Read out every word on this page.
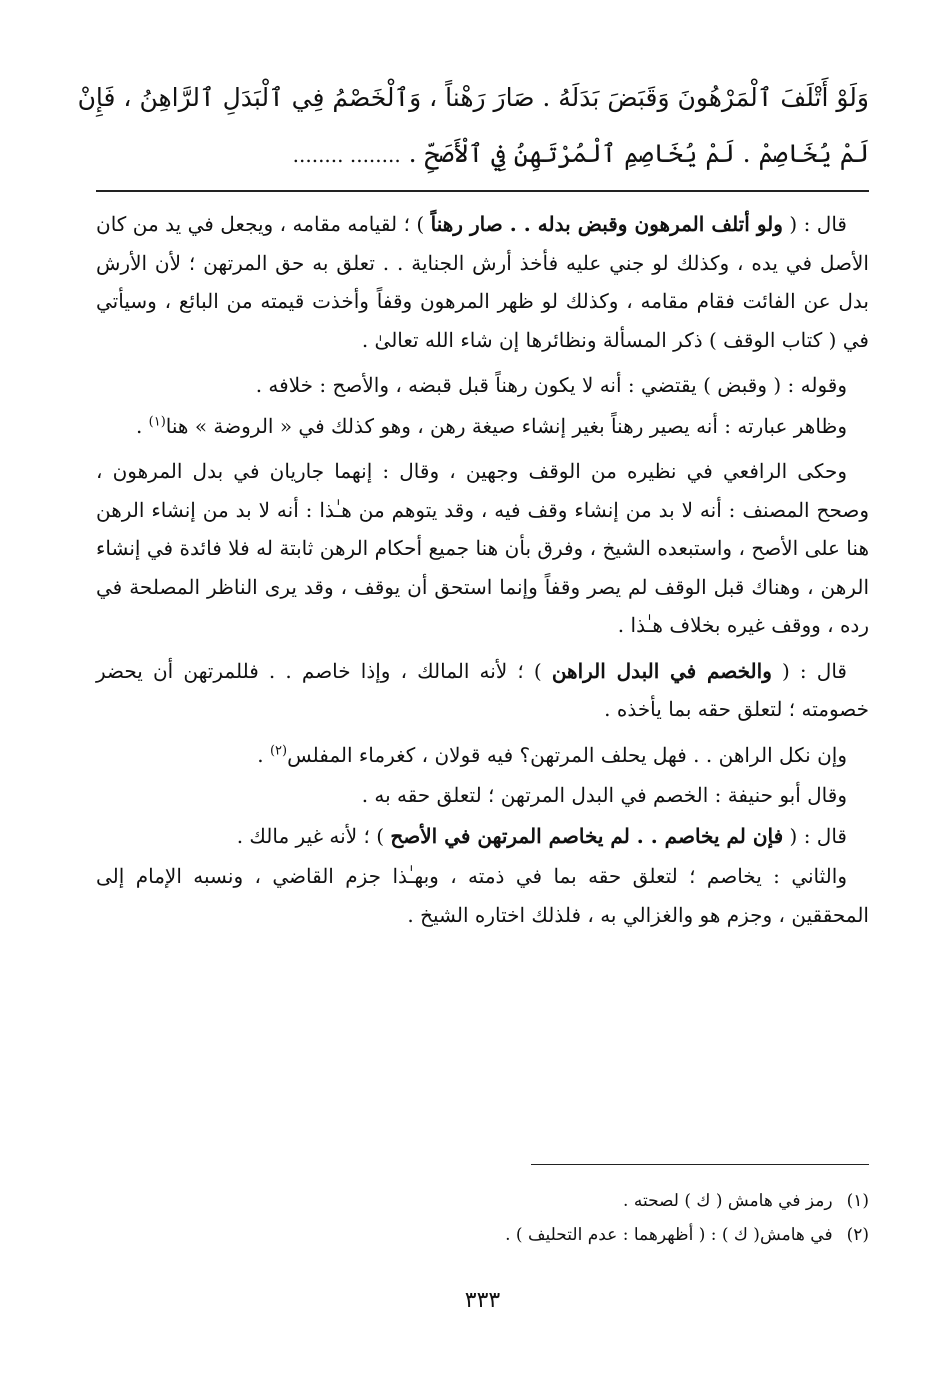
وَلَوْ أَتْلَفَ ٱلْمَرْهُونَ وَقَبَضَ بَدَلَهُ . صَارَ رَهْناً ، وَٱلْخَصْمُ فِي ٱلْبَدَلِ ٱلرَّاهِنُ ، فَإِنْ
لَمْ يُخَاصِمْ . لَمْ يُخَاصِمِ ٱلْمُرْتَهِنُ فِي ٱلْأَصَحِّ . ........ ........

قال : ( ولو أتلف المرهون وقبض بدله . . صار رهناً ) ؛ لقيامه مقامه ، ويجعل في يد من كان الأصل في يده ، وكذلك لو جني عليه فأخذ أرش الجناية . . تعلق به حق المرتهن ؛ لأن الأرش بدل عن الفائت فقام مقامه ، وكذلك لو ظهر المرهون وقفاً وأخذت قيمته من البائع ، وسيأتي في ( كتاب الوقف ) ذكر المسألة ونظائرها إن شاء الله تعالىٰ .

وقوله : ( وقبض ) يقتضي : أنه لا يكون رهناً قبل قبضه ، والأصح : خلافه .

وظاهر عبارته : أنه يصير رهناً بغير إنشاء صيغة رهن ، وهو كذلك في « الروضة » هنا$^{(١)}$ .

وحكى الرافعي في نظيره من الوقف وجهين ، وقال : إنهما جاريان في بدل المرهون ، وصحح المصنف : أنه لا بد من إنشاء وقف فيه ، وقد يتوهم من هـٰذا : أنه لا بد من إنشاء الرهن هنا على الأصح ، واستبعده الشيخ ، وفرق بأن هنا جميع أحكام الرهن ثابتة له فلا فائدة في إنشاء الرهن ، وهناك قبل الوقف لم يصر وقفاً وإنما استحق أن يوقف ، وقد يرى الناظر المصلحة في رده ، ووقف غيره بخلاف هـٰذا .

قال : ( والخصم في البدل الراهن ) ؛ لأنه المالك ، وإذا خاصم . . فللمرتهن أن يحضر خصومته ؛ لتعلق حقه بما يأخذه .

وإن نكل الراهن . . فهل يحلف المرتهن؟ فيه قولان ، كغرماء المفلس$^{(٢)}$ .

وقال أبو حنيفة : الخصم في البدل المرتهن ؛ لتعلق حقه به .

قال : ( فإن لم يخاصم . . لم يخاصم المرتهن في الأصح ) ؛ لأنه غير مالك .

والثاني : يخاصم ؛ لتعلق حقه بما في ذمته ، وبهـٰذا جزم القاضي ، ونسبه الإمام إلى المحققين ، وجزم هو والغزالي به ، فلذلك اختاره الشيخ .

(١)رمز في هامش ( ك ) لصحته .
(٢)في هامش( ك ) : ( أظهرهما : عدم التحليف ) .
٣٣٣
